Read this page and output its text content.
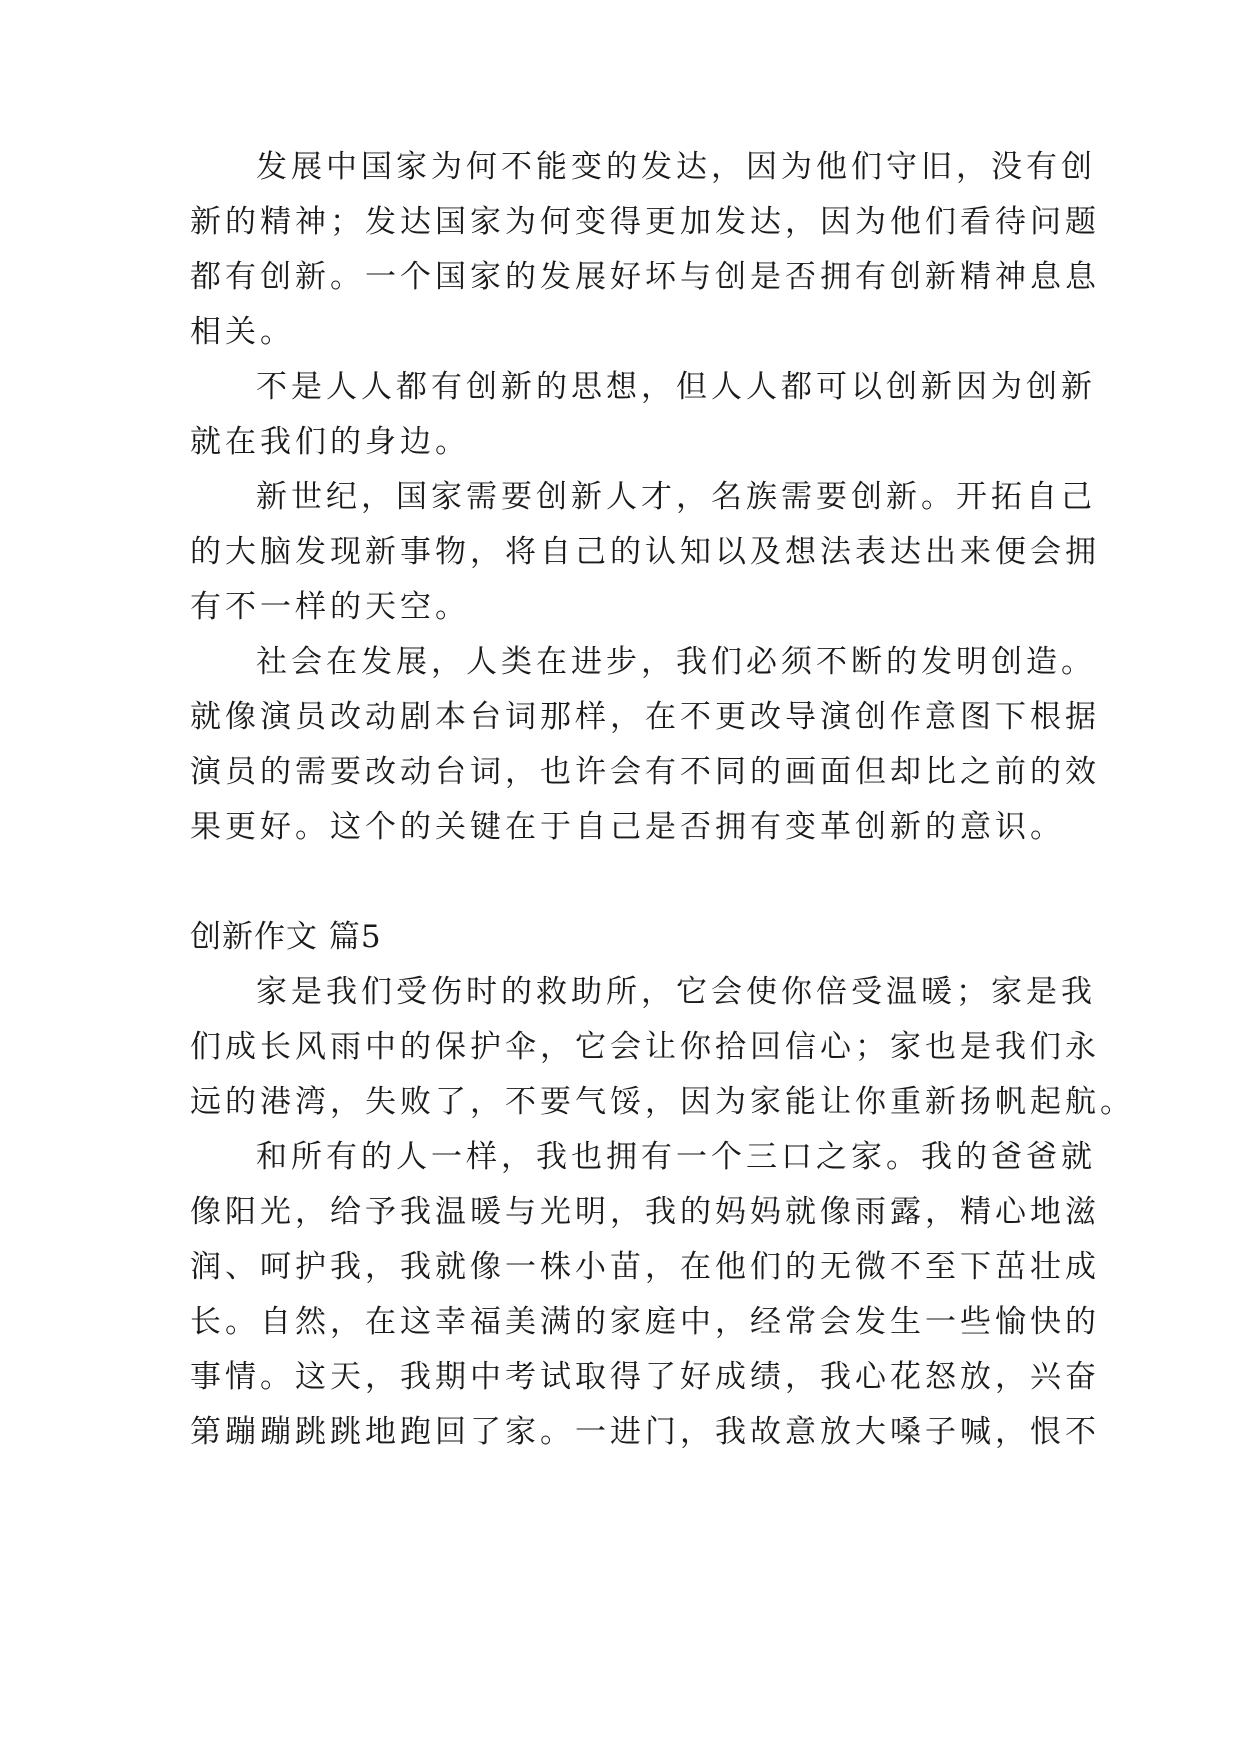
发展中国家为何不能变的发达，因为他们守旧，没有创
新的精神；发达国家为何变得更加发达，因为他们看待问题
都有创新。一个国家的发展好坏与创是否拥有创新精神息息
相关。
不是人人都有创新的思想，但人人都可以创新因为创新
就在我们的身边。
新世纪，国家需要创新人才，名族需要创新。开拓自己
的大脑发现新事物，将自己的认知以及想法表达出来便会拥
有不一样的天空。
社会在发展，人类在进步，我们必须不断的发明创造。
就像演员改动剧本台词那样，在不更改导演创作意图下根据
演员的需要改动台词，也许会有不同的画面但却比之前的效
果更好。这个的关键在于自己是否拥有变革创新的意识。
创新作文 篇5
家是我们受伤时的救助所，它会使你倍受温暖；家是我
们成长风雨中的保护伞，它会让你拾回信心；家也是我们永
远的港湾，失败了，不要气馁，因为家能让你重新扬帆起航。
和所有的人一样，我也拥有一个三口之家。我的爸爸就
像阳光，给予我温暖与光明，我的妈妈就像雨露，精心地滋
润、呵护我，我就像一株小苗，在他们的无微不至下茁壮成
长。自然，在这幸福美满的家庭中，经常会发生一些愉快的
事情。这天，我期中考试取得了好成绩，我心花怒放，兴奋
第蹦蹦跳跳地跑回了家。一进门，我故意放大嗓子喊，恨不
